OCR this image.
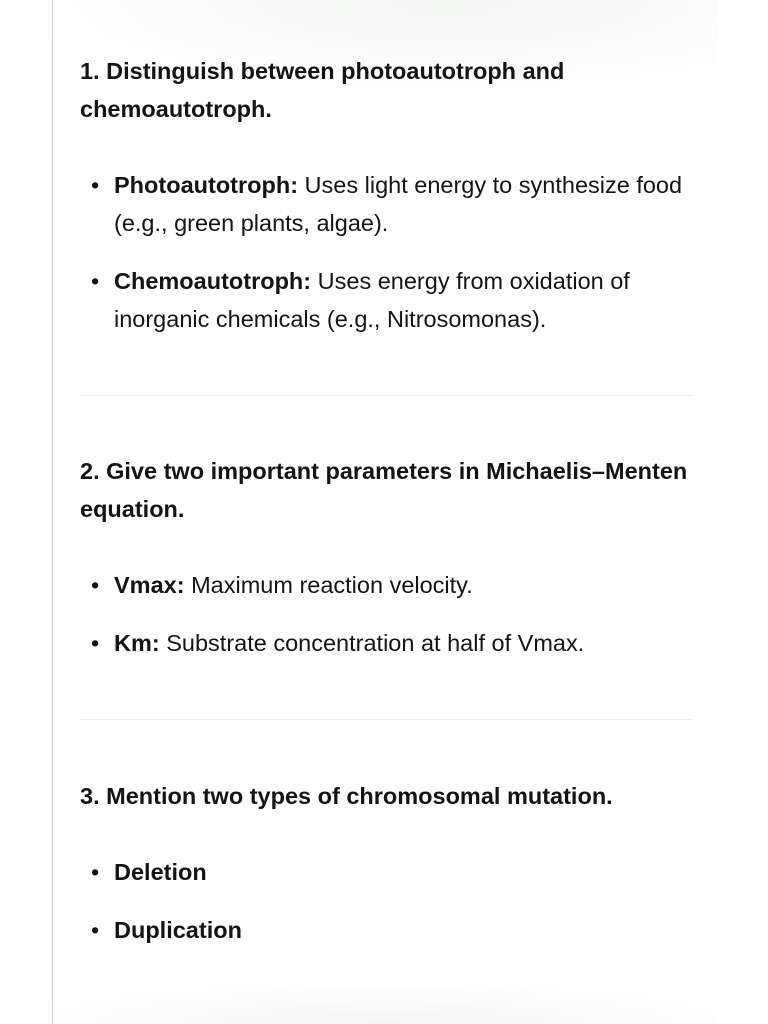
1. Distinguish between photoautotroph and chemoautotroph.

• Photoautotroph: Uses light energy to synthesize food (e.g., green plants, algae).
• Chemoautotroph: Uses energy from oxidation of inorganic chemicals (e.g., Nitrosomonas).

2. Give two important parameters in Michaelis–Menten equation.

• Vmax: Maximum reaction velocity.
• Km: Substrate concentration at half of Vmax.

3. Mention two types of chromosomal mutation.

• Deletion
• Duplication
